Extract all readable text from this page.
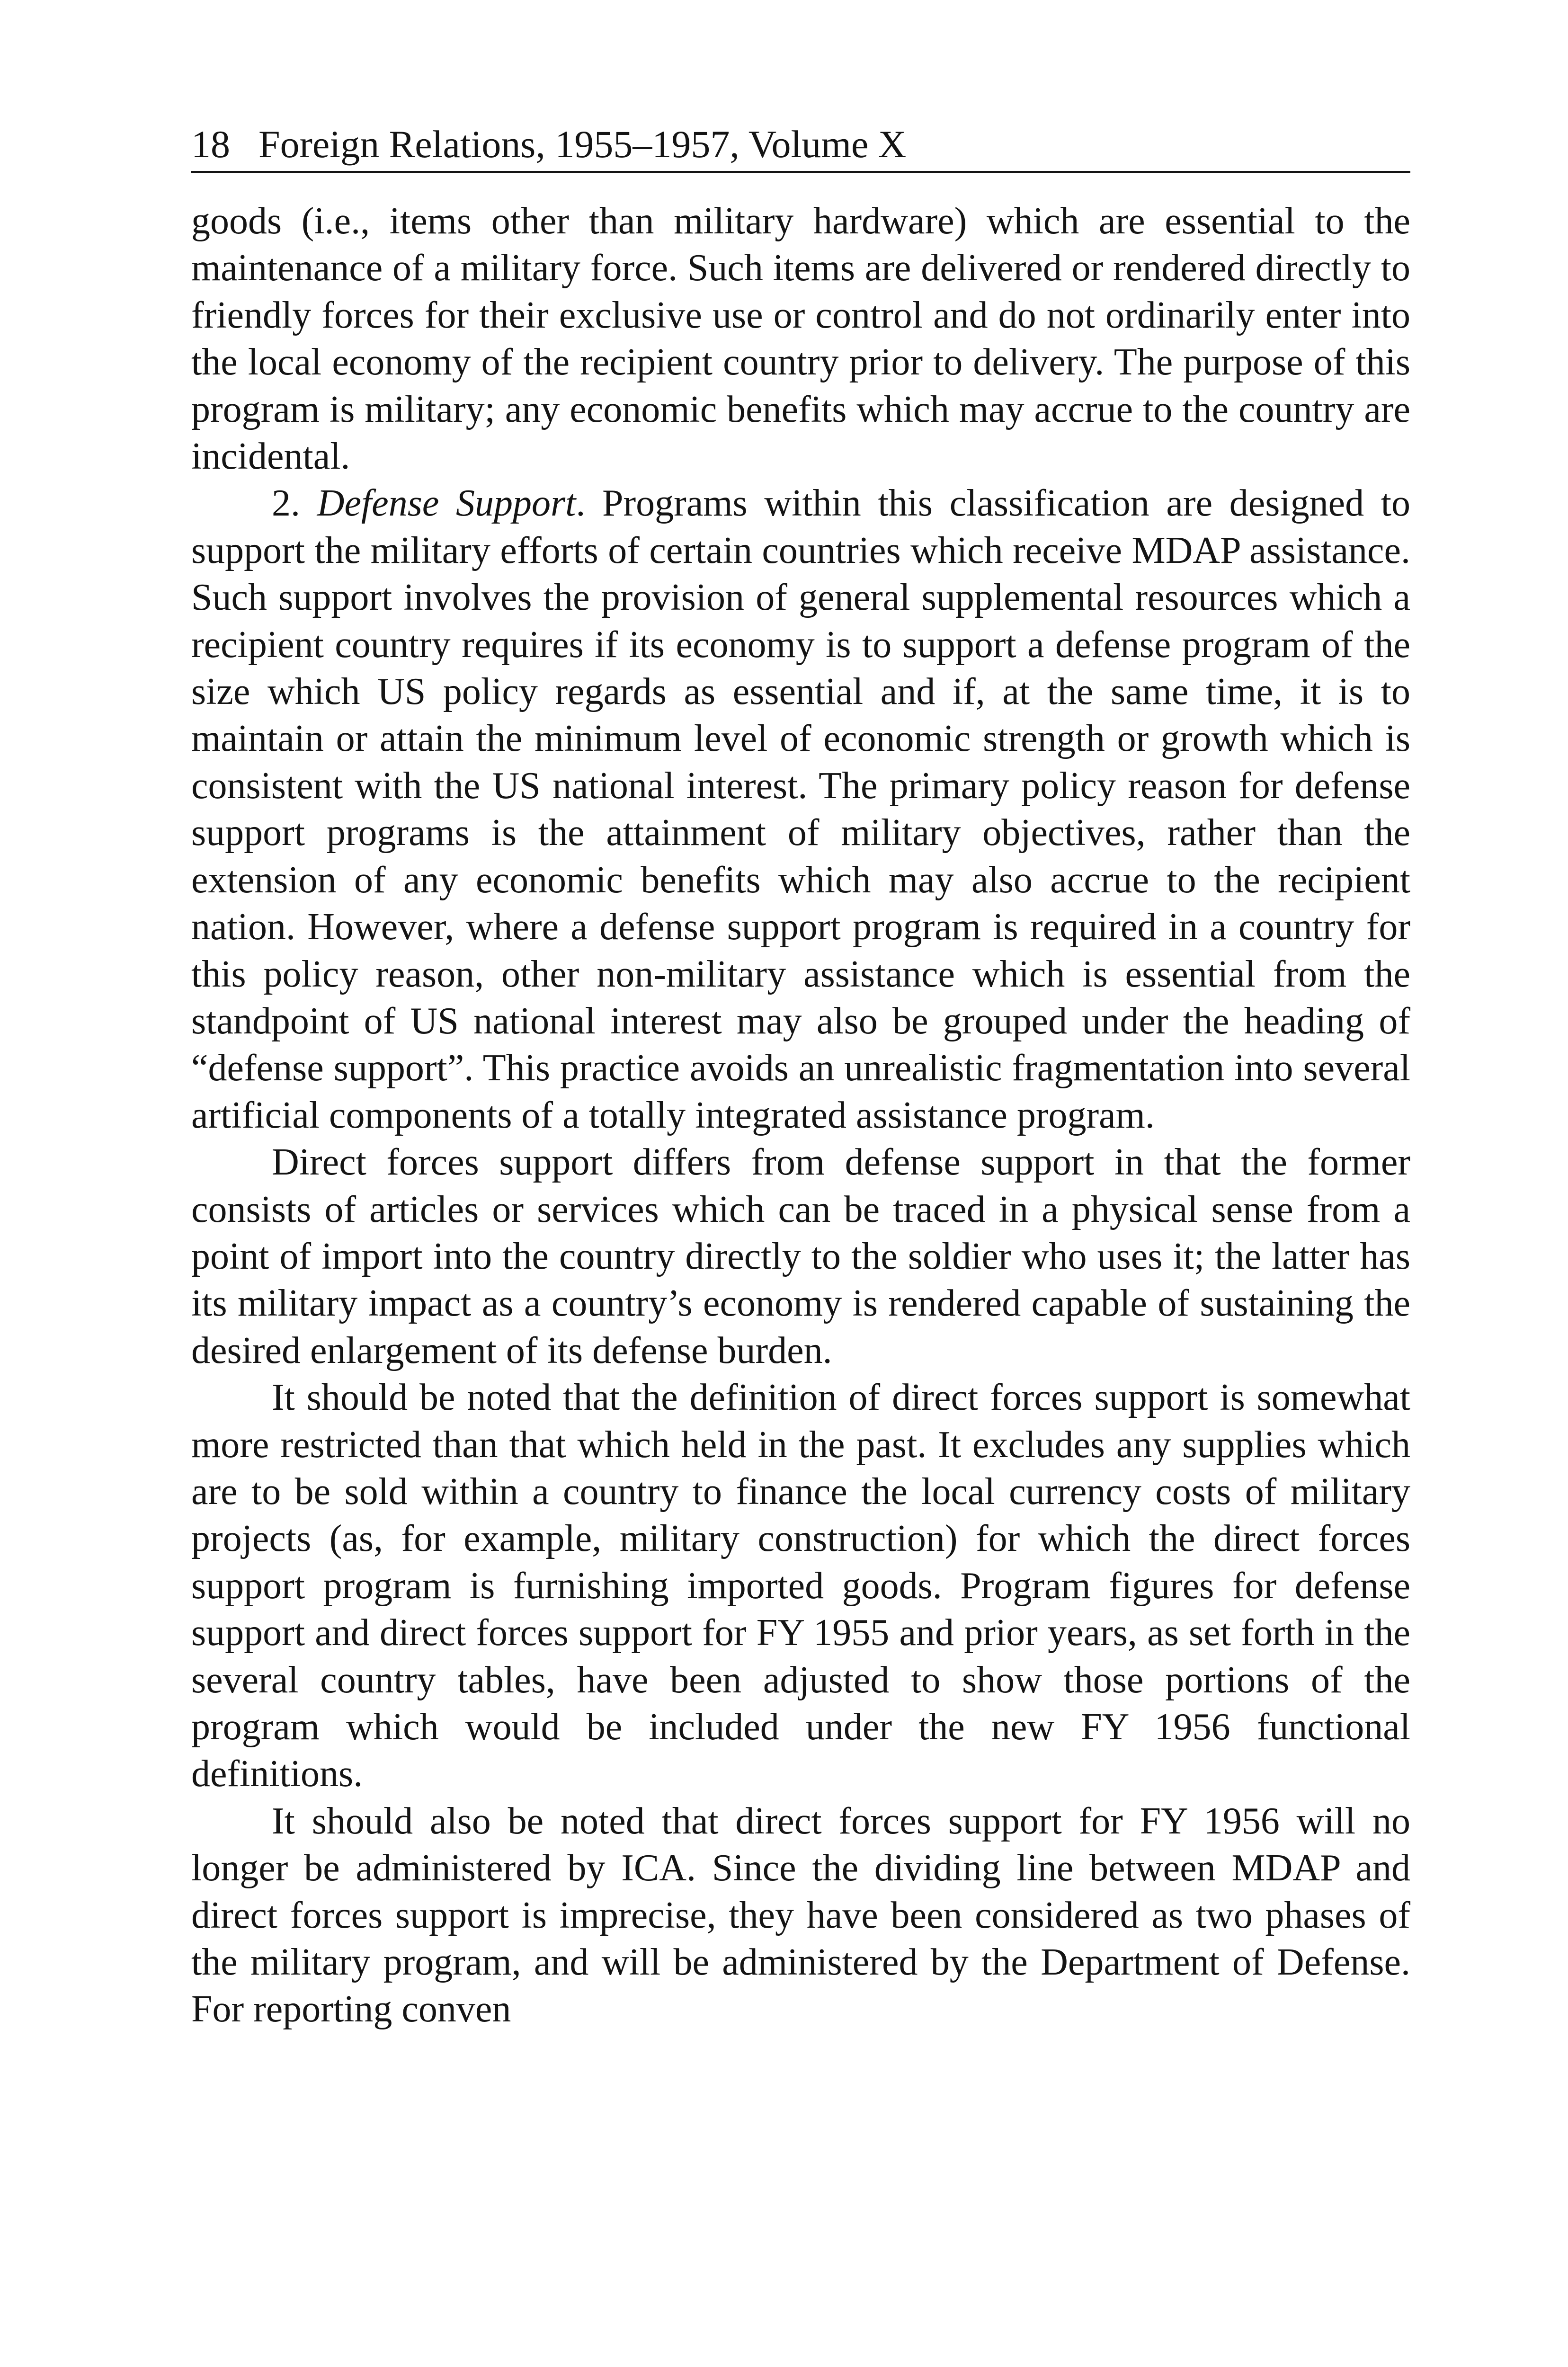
18 Foreign Relations, 1955–1957, Volume X

goods (i.e., items other than military hardware) which are essential to the maintenance of a military force. Such items are delivered or rendered directly to friendly forces for their exclusive use or control and do not ordinarily enter into the local economy of the recipient country prior to delivery. The purpose of this program is military; any economic benefits which may accrue to the country are incidental.

2. Defense Support. Programs within this classification are designed to support the military efforts of certain countries which receive MDAP assistance. Such support involves the provision of general supplemental resources which a recipient country requires if its economy is to support a defense program of the size which US policy regards as essential and if, at the same time, it is to maintain or attain the minimum level of economic strength or growth which is consistent with the US national interest. The primary policy reason for defense support programs is the attainment of military objectives, rather than the extension of any economic benefits which may also accrue to the recipient nation. However, where a defense support program is required in a country for this policy reason, other non-military assistance which is essential from the standpoint of US national interest may also be grouped under the heading of “defense support”. This practice avoids an unrealistic fragmentation into several artificial components of a totally integrated assistance program.

Direct forces support differs from defense support in that the former consists of articles or services which can be traced in a physical sense from a point of import into the country directly to the soldier who uses it; the latter has its military impact as a country’s economy is rendered capable of sustaining the desired enlargement of its defense burden.

It should be noted that the definition of direct forces support is somewhat more restricted than that which held in the past. It excludes any supplies which are to be sold within a country to finance the local currency costs of military projects (as, for example, military construction) for which the direct forces support program is furnishing imported goods. Program figures for defense support and direct forces support for FY 1955 and prior years, as set forth in the several country tables, have been adjusted to show those portions of the program which would be included under the new FY 1956 functional definitions.

It should also be noted that direct forces support for FY 1956 will no longer be administered by ICA. Since the dividing line between MDAP and direct forces support is imprecise, they have been considered as two phases of the military program, and will be administered by the Department of Defense. For reporting conven
